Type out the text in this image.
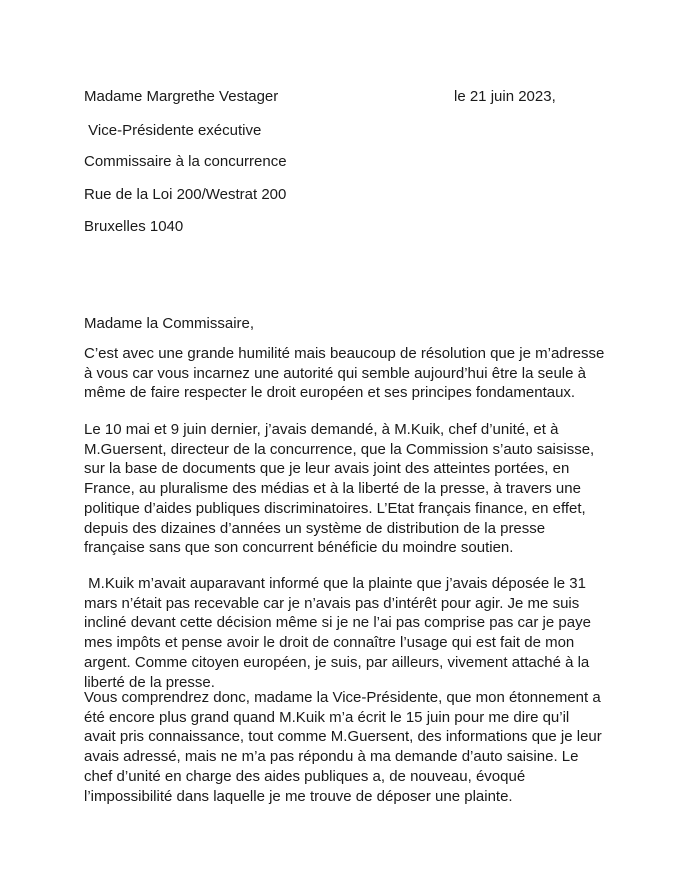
Madame Margrethe Vestager	le 21 juin 2023,
Vice-Présidente exécutive
Commissaire à la concurrence
Rue de la Loi 200/Westrat 200
Bruxelles 1040
Madame la Commissaire,
C’est avec une grande humilité mais beaucoup de résolution que je m’adresse
à vous car vous incarnez une autorité qui semble aujourd’hui être la seule à
même de faire respecter le droit européen et ses principes fondamentaux.
Le 10 mai et 9 juin dernier, j’avais demandé, à M.Kuik, chef d’unité, et à
M.Guersent, directeur de la concurrence, que la Commission s’auto saisisse,
sur la base de documents que je leur avais joint des atteintes portées, en
France, au pluralisme des médias et à la liberté de la presse, à travers une
politique d’aides publiques discriminatoires. L’Etat français finance, en effet,
depuis des dizaines d’années un système de distribution de la presse
française sans que son concurrent bénéficie du moindre soutien.
M.Kuik m’avait auparavant informé que la plainte que j’avais déposée le 31
mars n’était pas recevable car je n’avais pas d’intérêt pour agir. Je me suis
incliné devant cette décision même si je ne l’ai pas comprise pas car je paye
mes impôts et pense avoir le droit de connaître l’usage qui est fait de mon
argent. Comme citoyen européen, je suis, par ailleurs, vivement attaché à la
liberté de la presse.
Vous comprendrez donc, madame la Vice-Présidente, que mon étonnement a
été encore plus grand quand M.Kuik m’a écrit le 15 juin pour me dire qu’il
avait pris connaissance, tout comme M.Guersent, des informations que je leur
avais adressé, mais ne m’a pas répondu à ma demande d’auto saisine. Le
chef d’unité en charge des aides publiques a, de nouveau, évoqué
l’impossibilité dans laquelle je me trouve de déposer une plainte.
